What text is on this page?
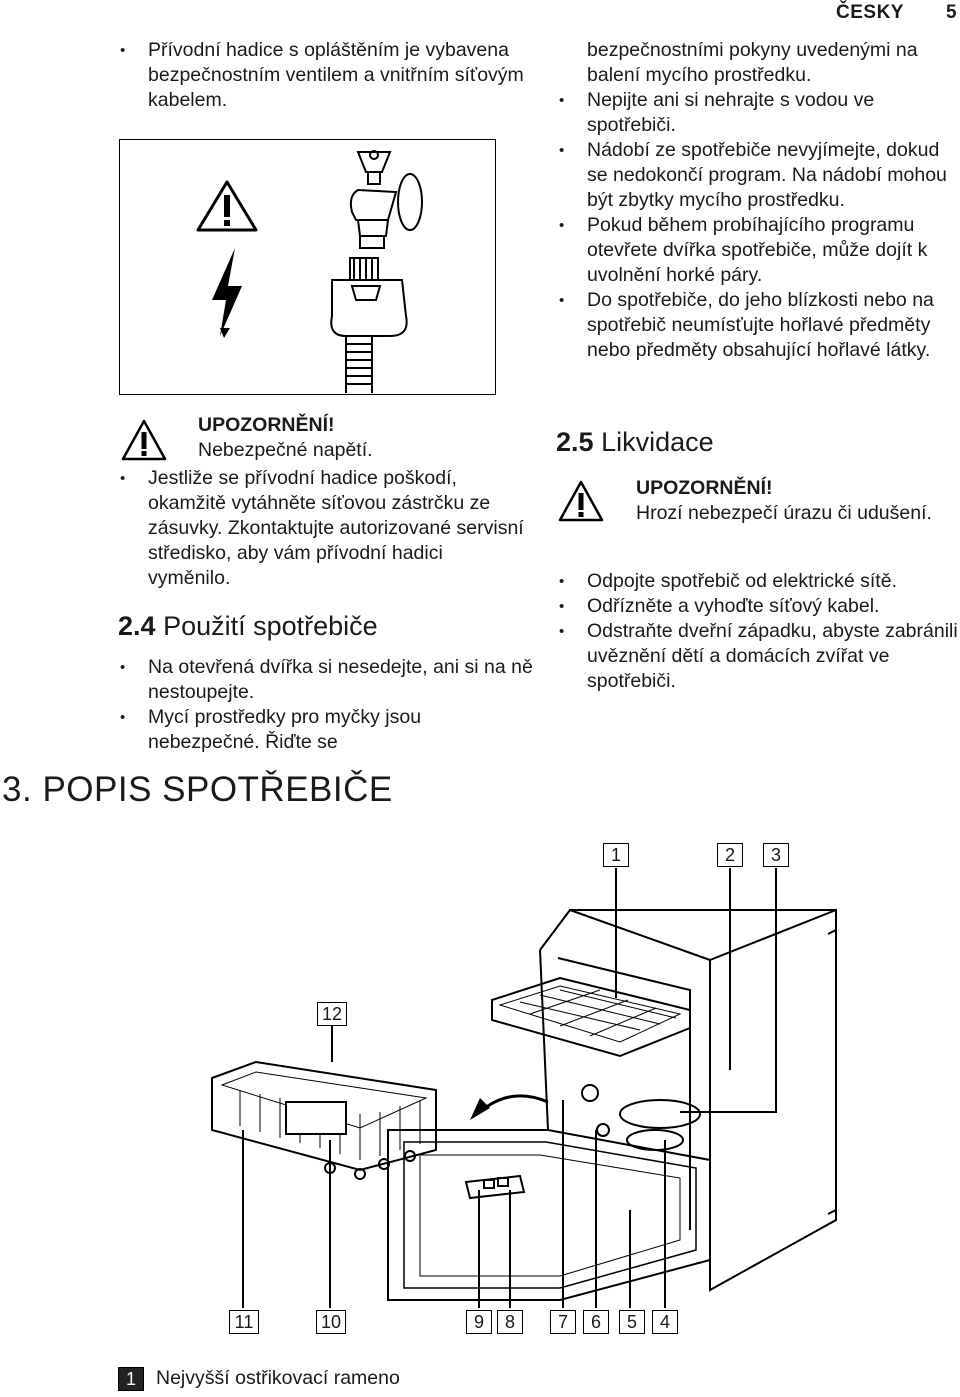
ČESKY 5
• Přívodní hadice s opláštěním je vybavena bezpečnostním ventilem a vnitřním síťovým kabelem.
UPOZORNĚNÍ!
Nebezpečné napětí.
• Jestliže se přívodní hadice poškodí, okamžitě vytáhněte síťovou zástrčku ze zásuvky. Zkontaktujte autorizované servisní středisko, aby vám přívodní hadici vyměnilo.
2.4 Použití spotřebiče
• Na otevřená dvířka si nesedejte, ani si na ně nestoupejte.
• Mycí prostředky pro myčky jsou nebezpečné. Řiďte se
bezpečnostními pokyny uvedenými na balení mycího prostředku.
• Nepijte ani si nehrajte s vodou ve spotřebiči.
• Nádobí ze spotřebiče nevyjímejte, dokud se nedokončí program. Na nádobí mohou být zbytky mycího prostředku.
• Pokud během probíhajícího programu otevřete dvířka spotřebiče, může dojít k uvolnění horké páry.
• Do spotřebiče, do jeho blízkosti nebo na spotřebič neumísťujte hořlavé předměty nebo předměty obsahující hořlavé látky.
2.5 Likvidace
UPOZORNĚNÍ!
Hrozí nebezpečí úrazu či udušení.
• Odpojte spotřebič od elektrické sítě.
• Odřízněte a vyhoďte síťový kabel.
• Odstraňte dveřní západku, abyste zabránili uvěznění dětí a domácích zvířat ve spotřebiči.
3. POPIS SPOTŘEBIČE
1	2	3
12
11	10	9	8	7	6	5	4
1	Nejvyšší ostřikovací rameno
